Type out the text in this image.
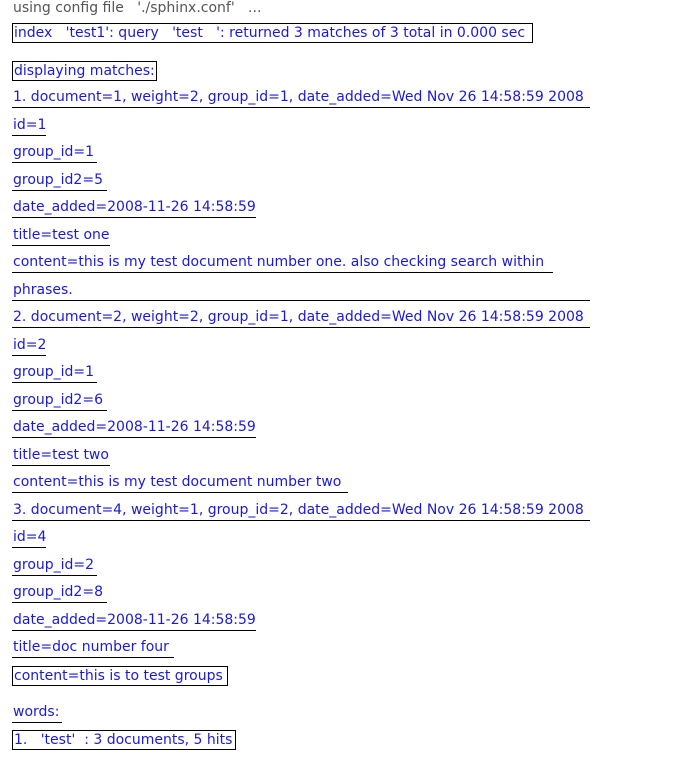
using config file   './sphinx.conf'   ...
index   'test1': query   'test   ': returned 3 matches of 3 total in 0.000 sec
displaying matches:
1. document=1, weight=2, group_id=1, date_added=Wed Nov 26 14:58:59 2008
id=1
group_id=1
group_id2=5
date_added=2008-11-26 14:58:59
title=test one
content=this is my test document number one. also checking search within
phrases.
2. document=2, weight=2, group_id=1, date_added=Wed Nov 26 14:58:59 2008
id=2
group_id=1
group_id2=6
date_added=2008-11-26 14:58:59
title=test two
content=this is my test document number two
3. document=4, weight=1, group_id=2, date_added=Wed Nov 26 14:58:59 2008
id=4
group_id=2
group_id2=8
date_added=2008-11-26 14:58:59
title=doc number four
content=this is to test groups
words:
1.   'test'  : 3 documents, 5 hits
